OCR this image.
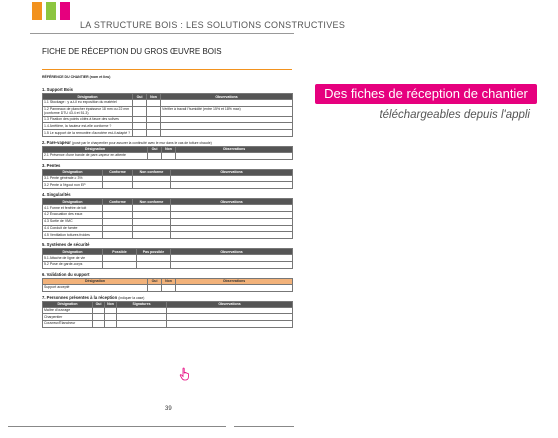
LA STRUCTURE BOIS : LES SOLUTIONS CONSTRUCTIVES
FICHE DE RÉCEPTION DU GROS ŒUVRE BOIS
RÉFÉRENCE DU CHANTIER (nom et lieu)
1. Support Bois
Désignation	Oui	Non	Observations
1.1 Stockage : y a-t-il eu exposition du matériel			
1.2 Panneaux de plancher épaisseur 18 mm ou 22 mm (conforme DTU 43.4 et 51.3)			Vérifier à travail l'humidité (entre 15% et 18% max)
1.3 Fixation des points côtés à fasce des solives			
1.4 Arrêtière, la hauteur est-elle conforme ?			
1.5 Le support de la remontée d'acrotère est-il adapté ?			
2. Pare-vapeur (posé par le charpentier pour assurer la continuité avec le mur dans le cas de toiture chaude)
Désignation	Oui	Non	Observations
2.1 Présence d'une bande de pare-vapeur en attente			
3. Pentes
Désignation	Conforme	Non conforme	Observations
3.1 Pente générale ≥ 3%			
3.2 Pente à l'égout non EP			
4. Singularités
Désignation	Conforme	Non conforme	Observations
4.1 Forme et fenêtre de toit			
4.2 Évacuation des eaux			
4.3 Sortie de VMC			
4.4 Conduit de fumée			
4.5 Ventilation toitures froides			
5. Systèmes de sécurité
Désignation	Possible	Pas possible	Observations
5.1 Attache de ligne de vie			
5.2 Pose de garde-corps			
6. Validation du support
Désignation	Oui	Non	Observations
Support accepté			
7. Personnes présentes à la réception (indiquer la case)
Désignation	Oui	Non	Signatures	Observations
Maître d'ouvrage				
Charpentier				
Couvreur/Étancheur				
39
Des fiches de réception de chantier
téléchargeables depuis l'appli
